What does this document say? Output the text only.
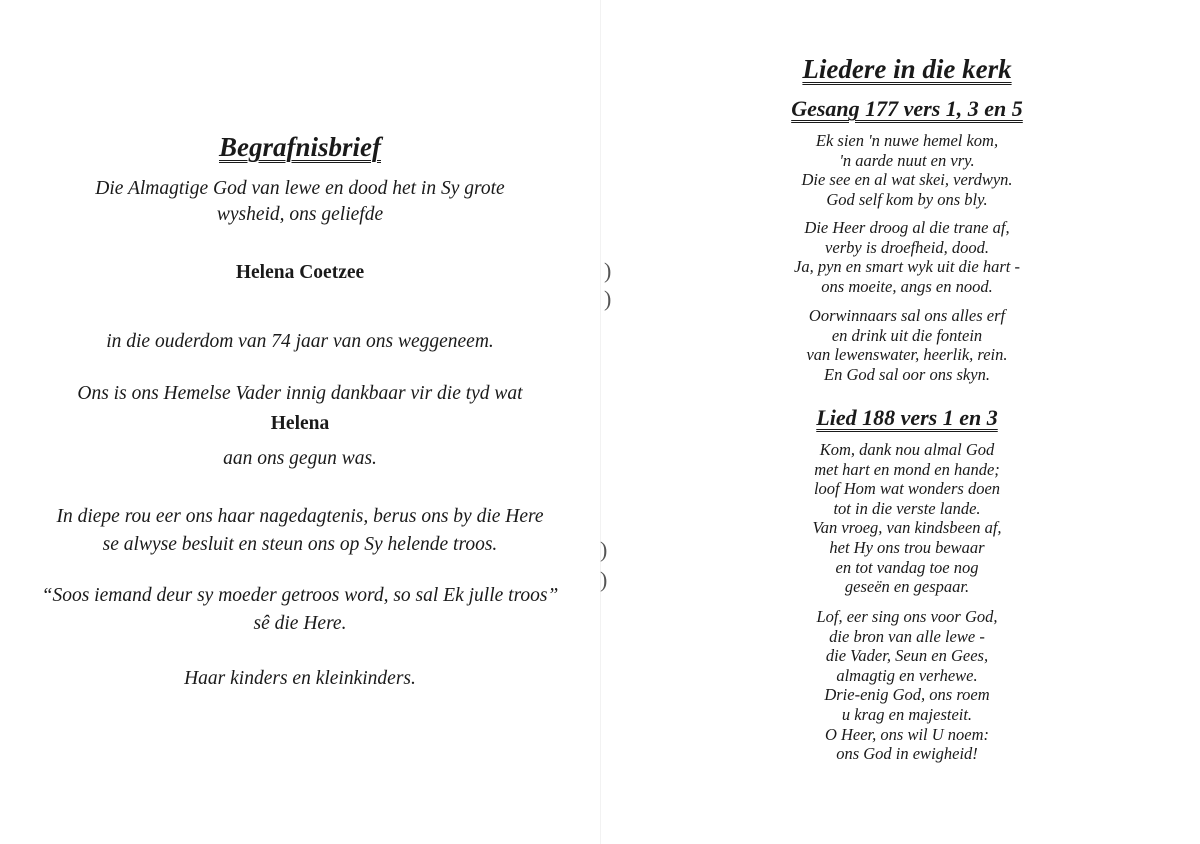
)
)
)
)
Begrafnisbrief
Die Almagtige God van lewe en dood het in Sy grote
wysheid, ons geliefde
Helena Coetzee
in die ouderdom van 74 jaar van ons weggeneem.
Ons is ons Hemelse Vader innig dankbaar vir die tyd wat
Helena
aan ons gegun was.
In diepe rou eer ons haar nagedagtenis, berus ons by die Here
se alwyse besluit en steun ons op Sy helende troos.
“Soos iemand deur sy moeder getroos word, so sal Ek julle troos”
sê die Here.
Haar kinders en kleinkinders.
Liedere in die kerk
Gesang 177 vers 1, 3 en 5
Ek sien 'n nuwe hemel kom,
'n aarde nuut en vry.
Die see en al wat skei, verdwyn.
God self kom by ons bly.
Die Heer droog al die trane af,
verby is droefheid, dood.
Ja, pyn en smart wyk uit die hart -
ons moeite, angs en nood.
Oorwinnaars sal ons alles erf
en drink uit die fontein
van lewenswater, heerlik, rein.
En God sal oor ons skyn.
Lied 188 vers 1 en 3
Kom, dank nou almal God
met hart en mond en hande;
loof Hom wat wonders doen
tot in die verste lande.
Van vroeg, van kindsbeen af,
het Hy ons trou bewaar
en tot vandag toe nog
geseën en gespaar.
Lof, eer sing ons voor God,
die bron van alle lewe -
die Vader, Seun en Gees,
almagtig en verhewe.
Drie-enig God, ons roem
u krag en majesteit.
O Heer, ons wil U noem:
ons God in ewigheid!
